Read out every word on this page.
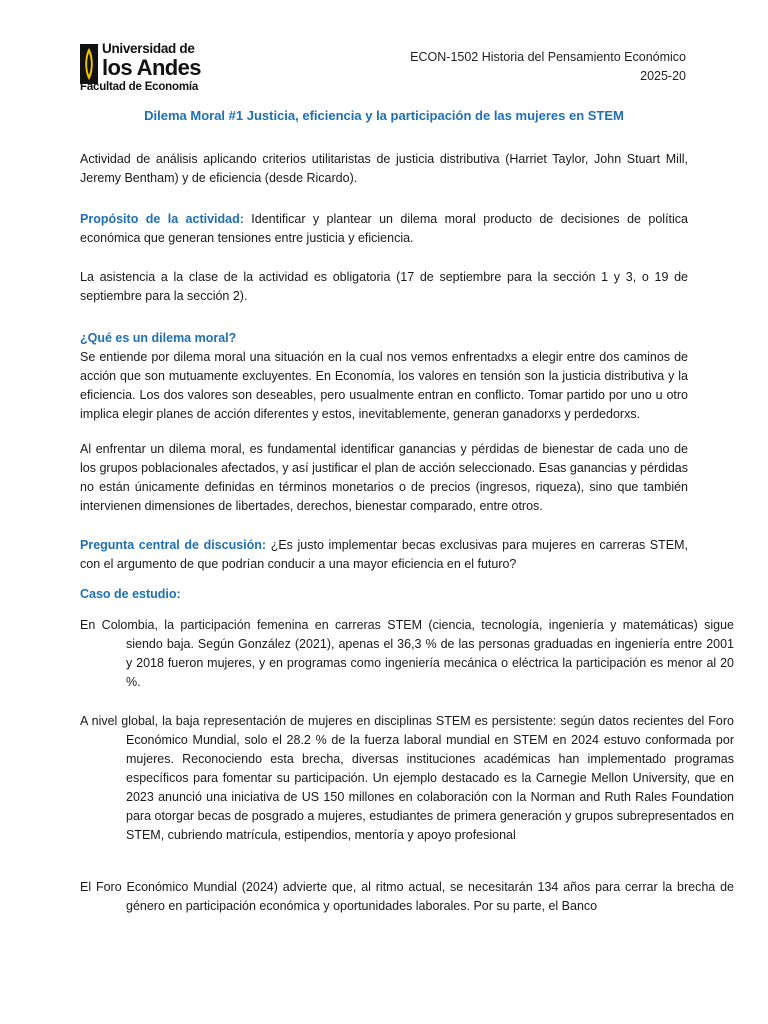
Universidad de
los Andes
Facultad de Economía
ECON-1502 Historia del Pensamiento Económico
2025-20
Dilema Moral #1 Justicia, eficiencia y la participación de las mujeres en STEM
Actividad de análisis aplicando criterios utilitaristas de justicia distributiva (Harriet Taylor, John Stuart Mill, Jeremy Bentham) y de eficiencia (desde Ricardo).
Propósito de la actividad: Identificar y plantear un dilema moral producto de decisiones de política económica que generan tensiones entre justicia y eficiencia.
La asistencia a la clase de la actividad es obligatoria (17 de septiembre para la sección 1 y 3, o 19 de septiembre para la sección 2).
¿Qué es un dilema moral?
Se entiende por dilema moral una situación en la cual nos vemos enfrentadxs a elegir entre dos caminos de acción que son mutuamente excluyentes. En Economía, los valores en tensión son la justicia distributiva y la eficiencia. Los dos valores son deseables, pero usualmente entran en conflicto. Tomar partido por uno u otro implica elegir planes de acción diferentes y estos, inevitablemente, generan ganadorxs y perdedorxs.
Al enfrentar un dilema moral, es fundamental identificar ganancias y pérdidas de bienestar de cada uno de los grupos poblacionales afectados, y así justificar el plan de acción seleccionado. Esas ganancias y pérdidas no están únicamente definidas en términos monetarios o de precios (ingresos, riqueza), sino que también intervienen dimensiones de libertades, derechos, bienestar comparado, entre otros.
Pregunta central de discusión: ¿Es justo implementar becas exclusivas para mujeres en carreras STEM, con el argumento de que podrían conducir a una mayor eficiencia en el futuro?
Caso de estudio:
En Colombia, la participación femenina en carreras STEM (ciencia, tecnología, ingeniería y matemáticas) sigue siendo baja. Según González (2021), apenas el 36,3 % de las personas graduadas en ingeniería entre 2001 y 2018 fueron mujeres, y en programas como ingeniería mecánica o eléctrica la participación es menor al 20 %.
A nivel global, la baja representación de mujeres en disciplinas STEM es persistente: según datos recientes del Foro Económico Mundial, solo el 28.2 % de la fuerza laboral mundial en STEM en 2024 estuvo conformada por mujeres. Reconociendo esta brecha, diversas instituciones académicas han implementado programas específicos para fomentar su participación. Un ejemplo destacado es la Carnegie Mellon University, que en 2023 anunció una iniciativa de US 150 millones en colaboración con la Norman and Ruth Rales Foundation para otorgar becas de posgrado a mujeres, estudiantes de primera generación y grupos subrepresentados en STEM, cubriendo matrícula, estipendios, mentoría y apoyo profesional
El Foro Económico Mundial (2024) advierte que, al ritmo actual, se necesitarán 134 años para cerrar la brecha de género en participación económica y oportunidades laborales. Por su parte, el Banco
